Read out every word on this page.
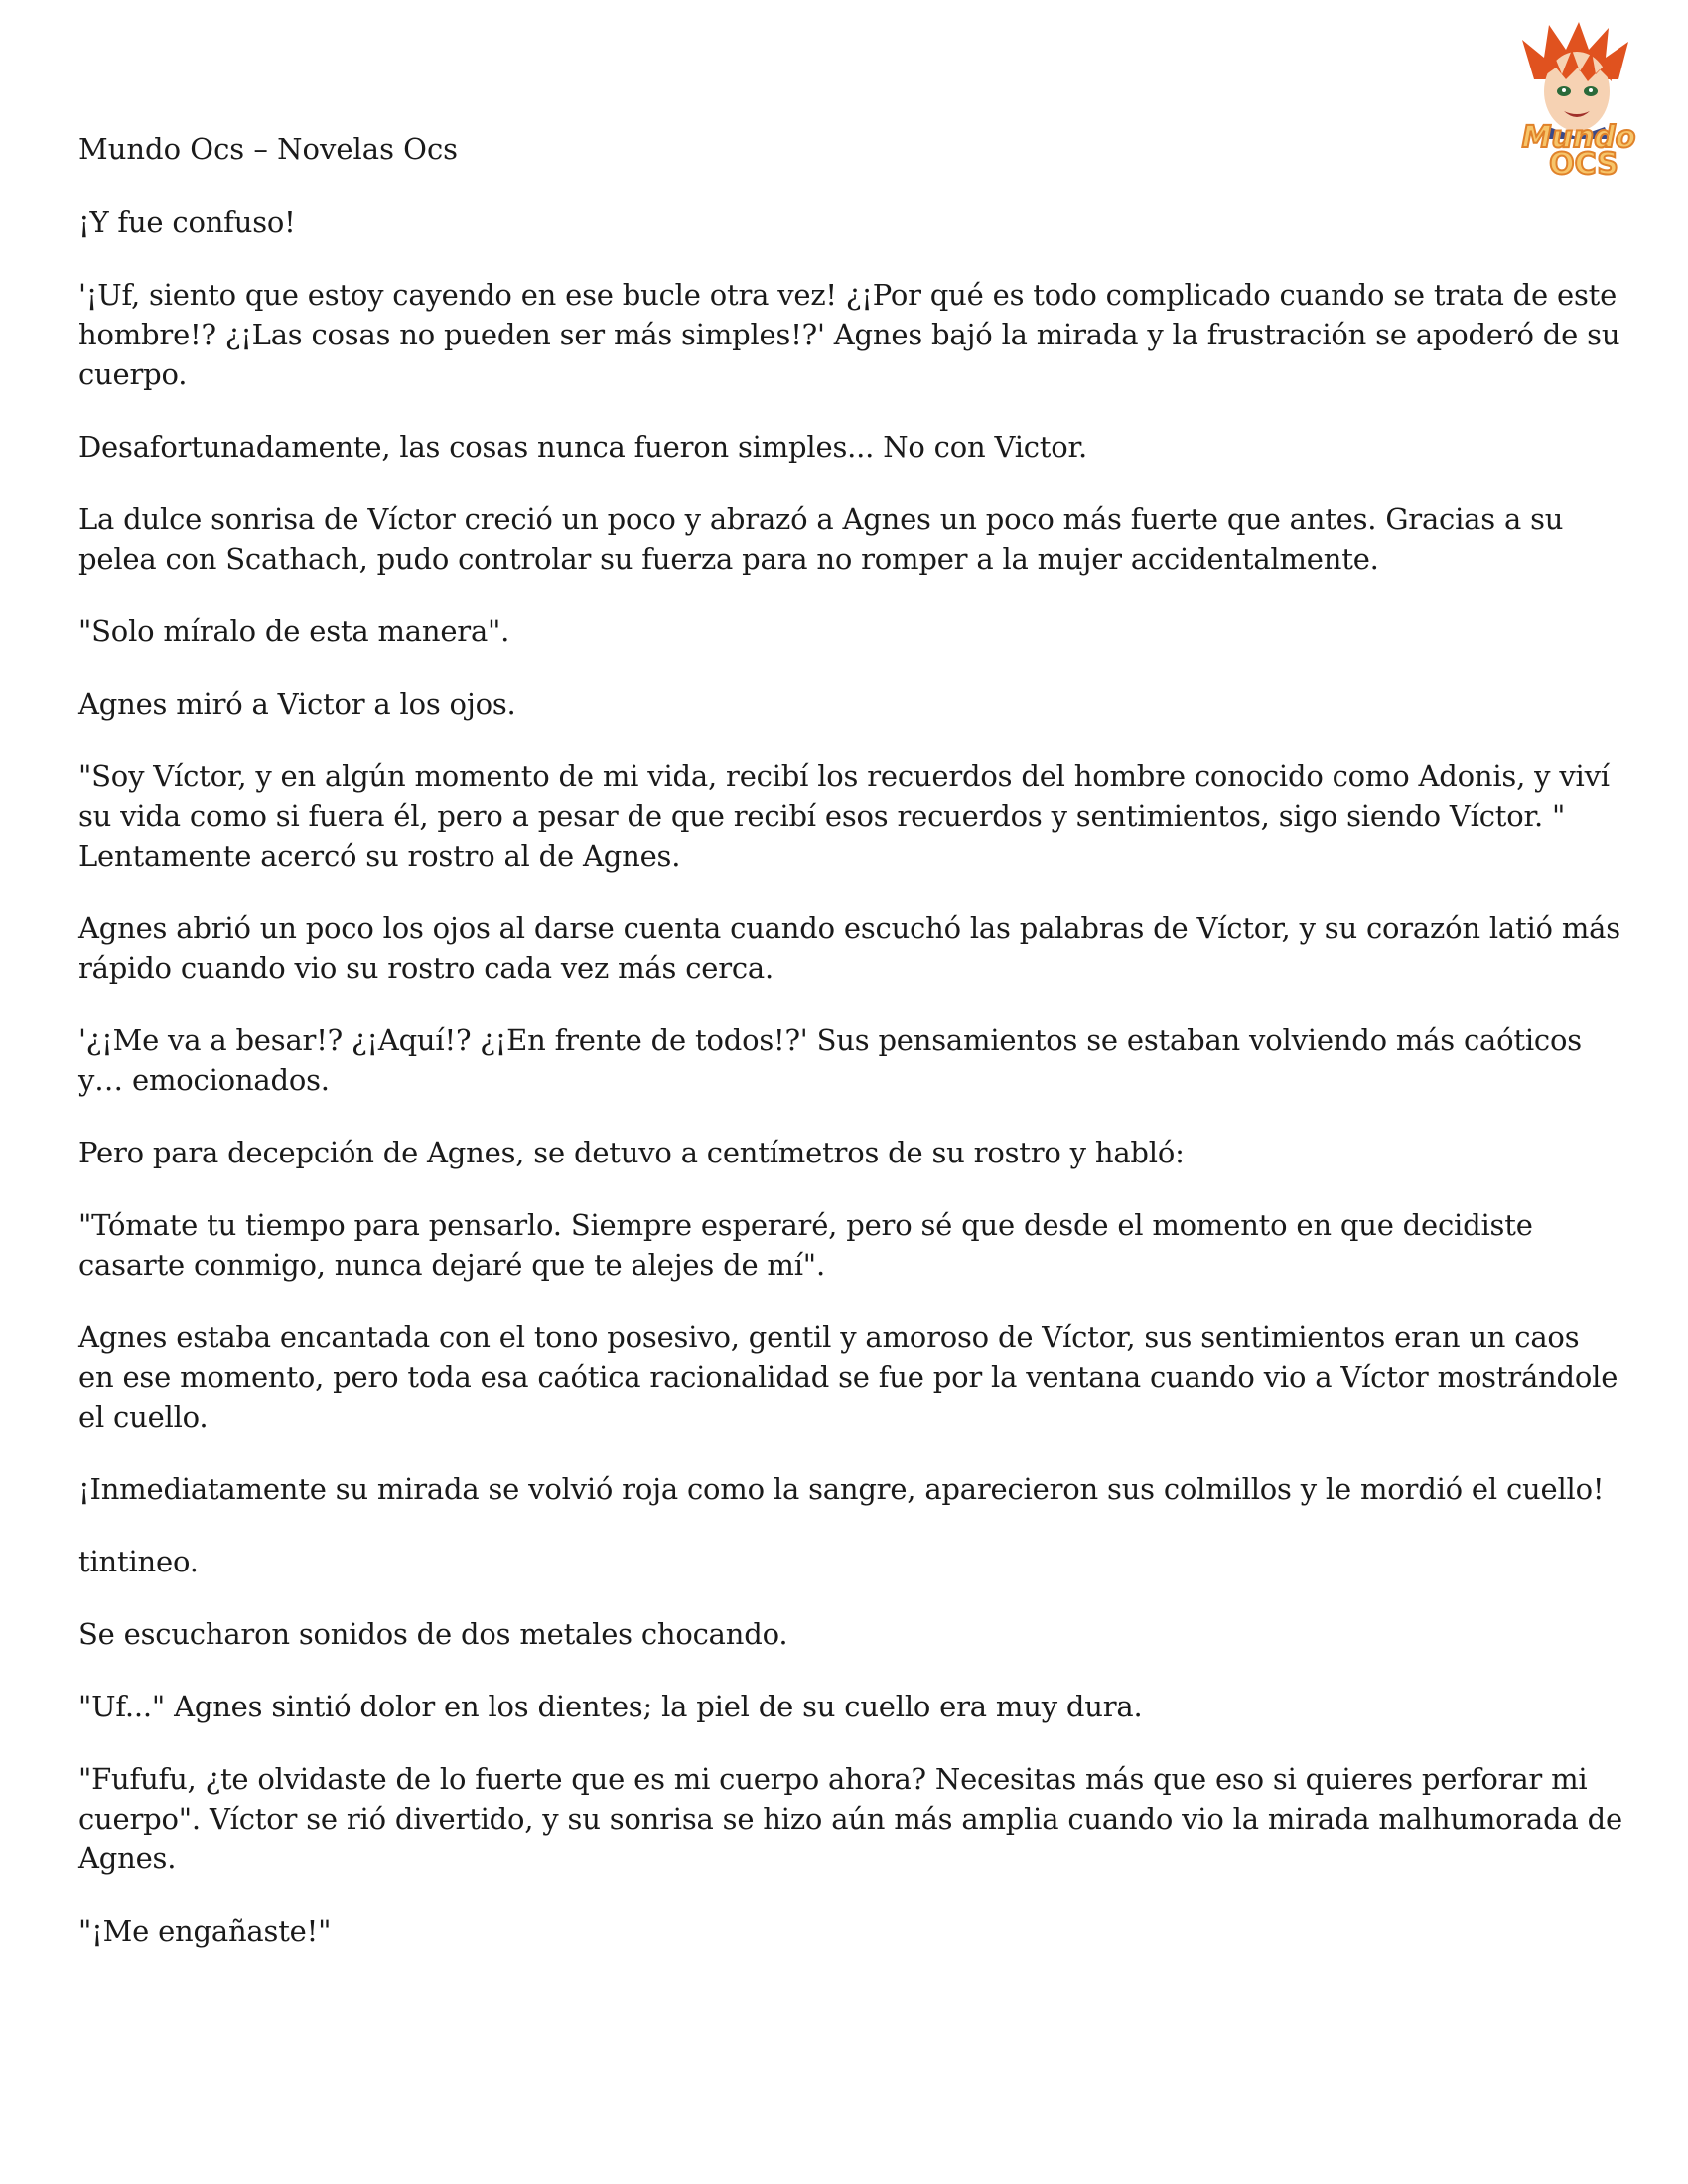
Mundo Ocs – Novelas Ocs	Mundo
OCS

¡Y fue confuso!

'¡Uf, siento que estoy cayendo en ese bucle otra vez! ¿¡Por qué es todo complicado cuando se trata de este hombre!? ¿¡Las cosas no pueden ser más simples!?' Agnes bajó la mirada y la frustración se apoderó de su cuerpo.

Desafortunadamente, las cosas nunca fueron simples... No con Victor.

La dulce sonrisa de Víctor creció un poco y abrazó a Agnes un poco más fuerte que antes. Gracias a su pelea con Scathach, pudo controlar su fuerza para no romper a la mujer accidentalmente.

"Solo míralo de esta manera".

Agnes miró a Victor a los ojos.

"Soy Víctor, y en algún momento de mi vida, recibí los recuerdos del hombre conocido como Adonis, y viví su vida como si fuera él, pero a pesar de que recibí esos recuerdos y sentimientos, sigo siendo Víctor. " Lentamente acercó su rostro al de Agnes.

Agnes abrió un poco los ojos al darse cuenta cuando escuchó las palabras de Víctor, y su corazón latió más rápido cuando vio su rostro cada vez más cerca.

'¿¡Me va a besar!? ¿¡Aquí!? ¿¡En frente de todos!?' Sus pensamientos se estaban volviendo más caóticos y… emocionados.

Pero para decepción de Agnes, se detuvo a centímetros de su rostro y habló:

"Tómate tu tiempo para pensarlo. Siempre esperaré, pero sé que desde el momento en que decidiste casarte conmigo, nunca dejaré que te alejes de mí".

Agnes estaba encantada con el tono posesivo, gentil y amoroso de Víctor, sus sentimientos eran un caos en ese momento, pero toda esa caótica racionalidad se fue por la ventana cuando vio a Víctor mostrándole el cuello.

¡Inmediatamente su mirada se volvió roja como la sangre, aparecieron sus colmillos y le mordió el cuello!

tintineo.

Se escucharon sonidos de dos metales chocando.

"Uf..." Agnes sintió dolor en los dientes; la piel de su cuello era muy dura.

"Fufufu, ¿te olvidaste de lo fuerte que es mi cuerpo ahora? Necesitas más que eso si quieres perforar mi cuerpo". Víctor se rió divertido, y su sonrisa se hizo aún más amplia cuando vio la mirada malhumorada de Agnes.

"¡Me engañaste!"
